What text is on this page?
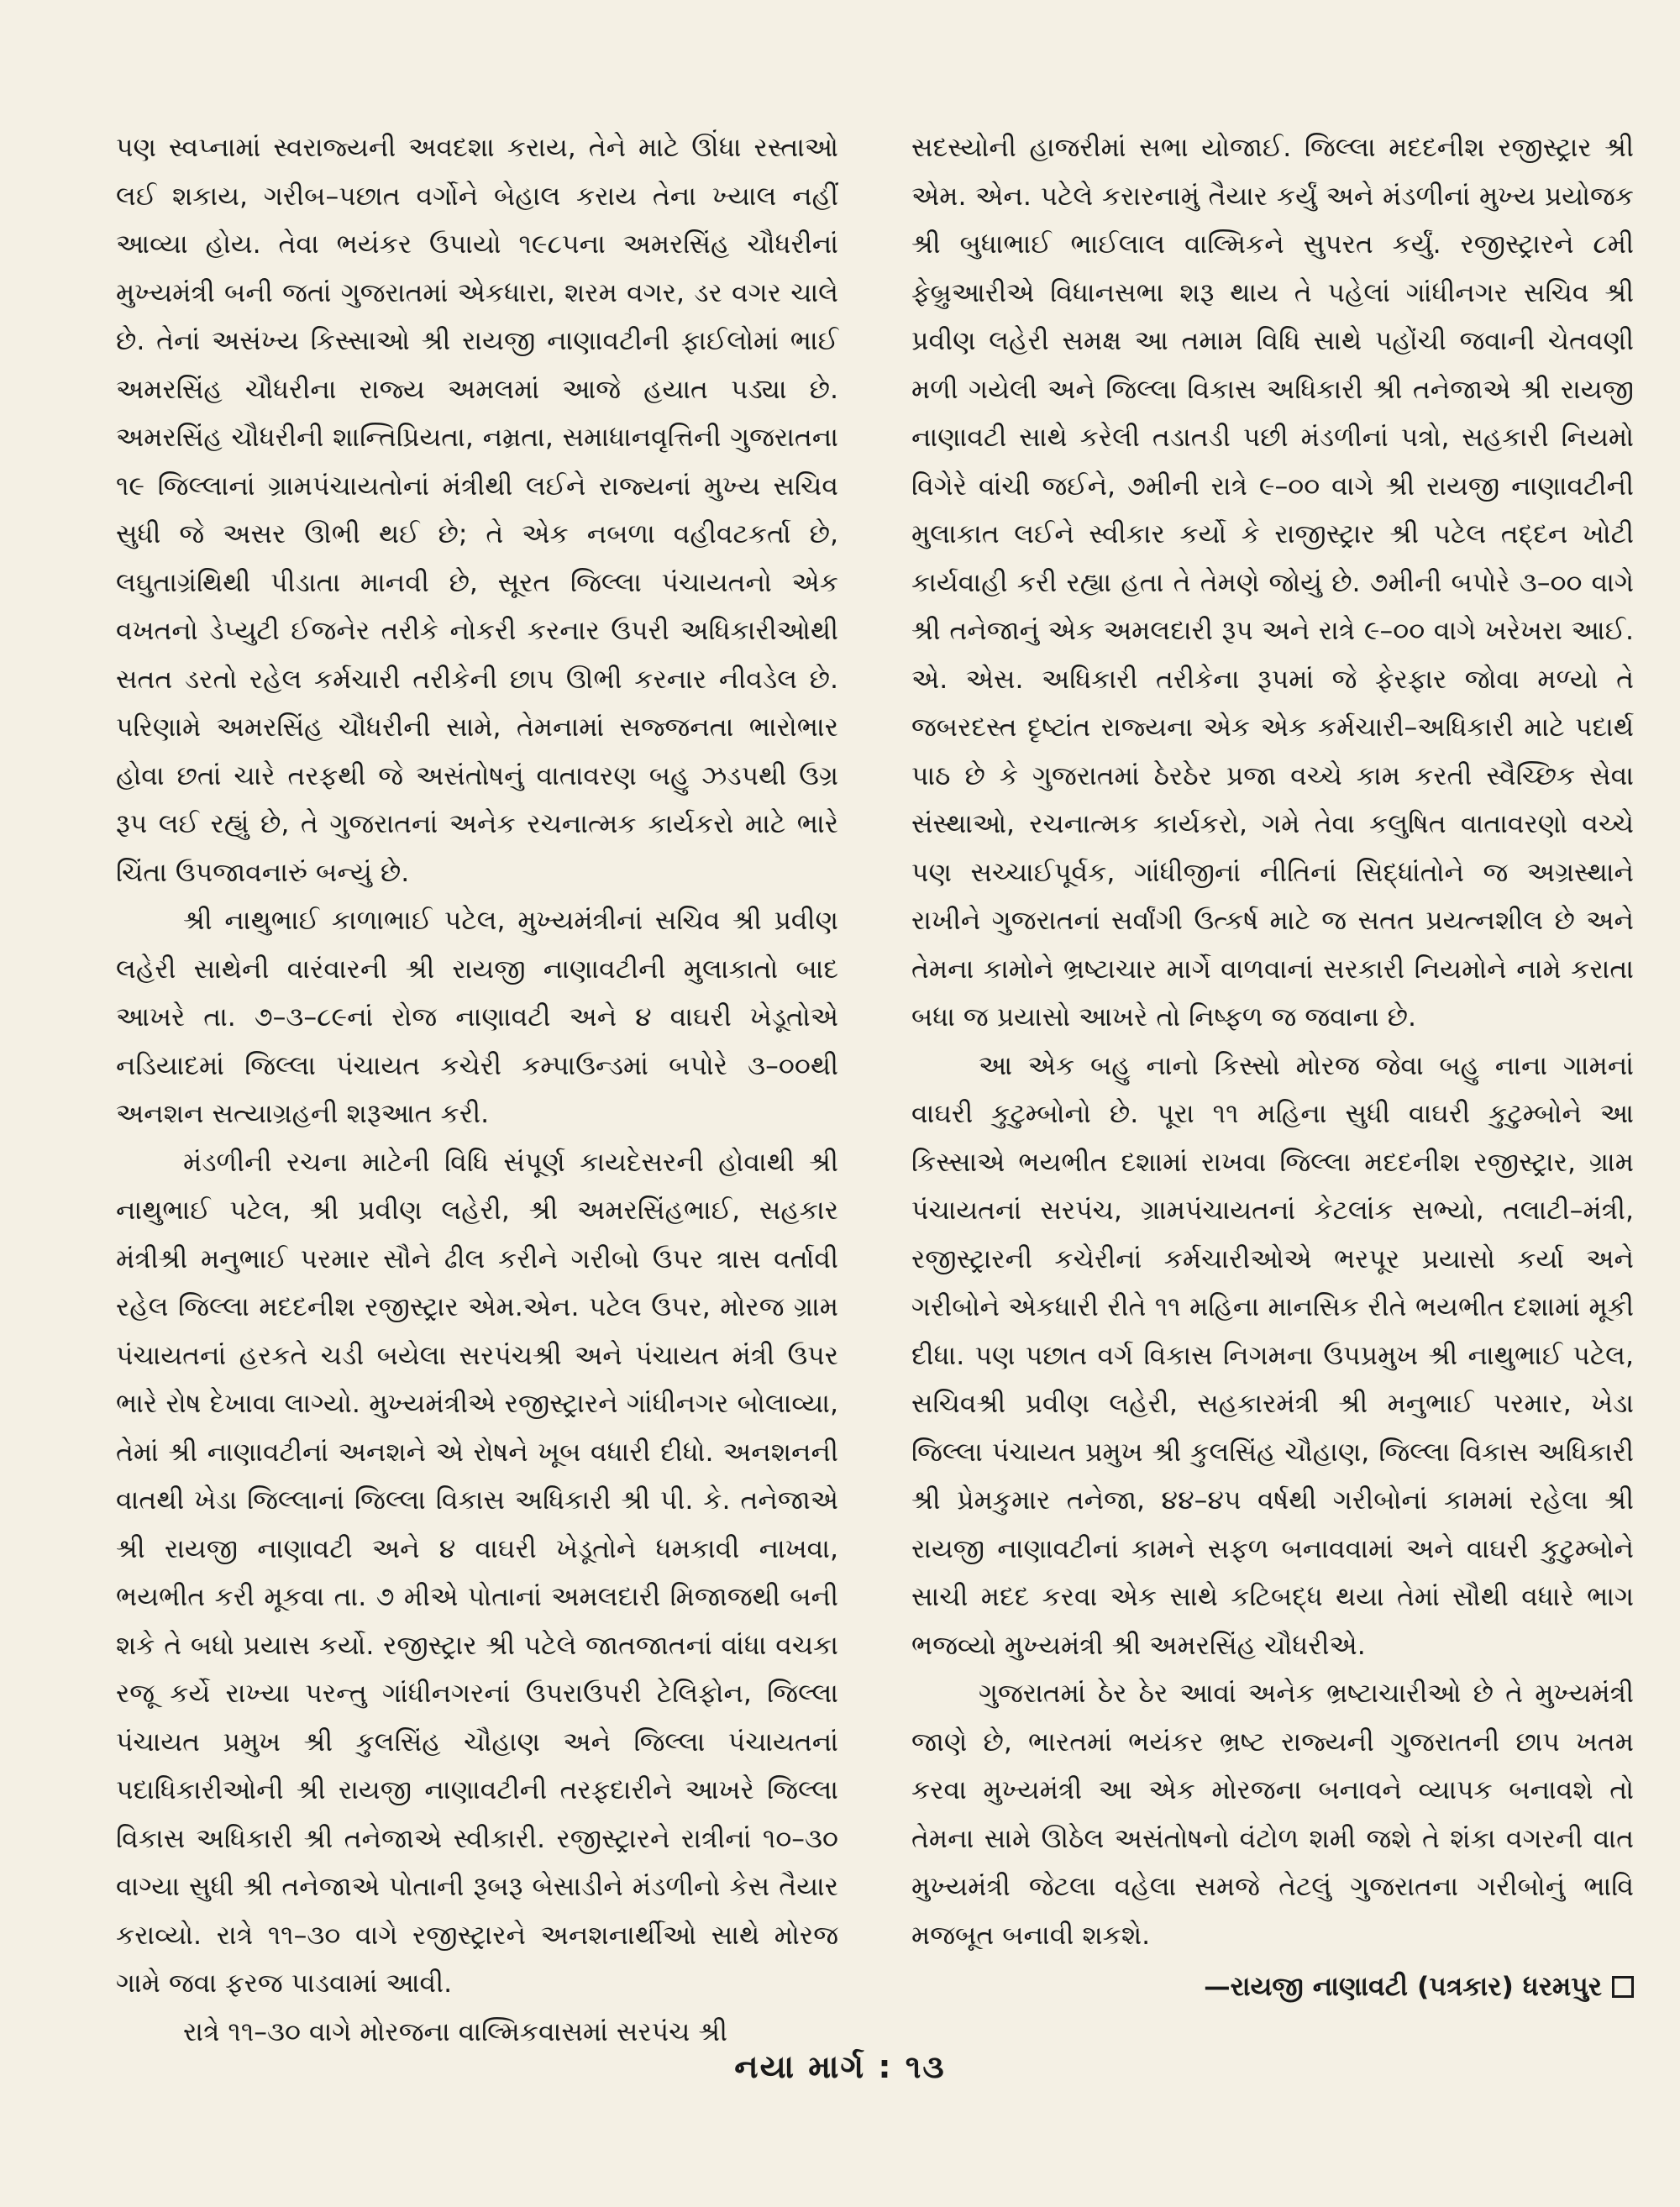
પણ સ્વપ્નામાં સ્વરાજ્યની અવદશા કરાય, તેને માટે ઊંધા રસ્તાઓ લઈ શકાય, ગરીબ–પછાત વર્ગોને બેહાલ કરાય તેના ખ્યાલ નહીં આવ્યા હોય. તેવા ભયંકર ઉપાયો ૧૯૮૫ના અમરસિંહ ચૌધરીનાં મુખ્યમંત્રી બની જતાં ગુજરાતમાં એકધારા, શરમ વગર, ડર વગર ચાલે છે. તેનાં અસંખ્ય કિસ્સાઓ શ્રી રાયજી નાણાવટીની ફાઈલોમાં ભાઈ અમરસિંહ ચૌધરીના રાજ્ય અમલમાં આજે હયાત પડ્યા છે. અમરસિંહ ચૌધરીની શાન્તિપ્રિયતા, નમ્રતા, સમાધાનવૃત્તિની ગુજરાતના ૧૯ જિલ્લાનાં ગ્રામપંચાયતોનાં મંત્રીથી લઈને રાજ્યનાં મુખ્ય સચિવ સુધી જે અસર ઊભી થઈ છે; તે એક નબળા વહીવટકર્તા છે, લઘુતાગ્રંથિથી પીડાતા માનવી છે, સૂરત જિલ્લા પંચાયતનો એક વખતનો ડેપ્યુટી ઈજનેર તરીકે નોકરી કરનાર ઉપરી અધિકારીઓથી સતત ડરતો રહેલ કર્મચારી તરીકેની છાપ ઊભી કરનાર નીવડેલ છે. પરિણામે અમરસિંહ ચૌધરીની સામે, તેમનામાં સજ્જનતા ભારોભાર હોવા છતાં ચારે તરફથી જે અસંતોષનું વાતાવરણ બહુ ઝડપથી ઉગ્ર રૂપ લઈ રહ્યું છે, તે ગુજરાતનાં અનેક રચનાત્મક કાર્યકરો માટે ભારે ચિંતા ઉપજાવનારું બન્યું છે.

શ્રી નાથુભાઈ કાળાભાઈ પટેલ, મુખ્યમંત્રીનાં સચિવ શ્રી પ્રવીણ લહેરી સાથેની વારંવારની શ્રી રાયજી નાણાવટીની મુલાકાતો બાદ આખરે તા. ૭–૩–૮૯નાં રોજ નાણાવટી અને ૪ વાઘરી ખેડૂતોએ નડિયાદમાં જિલ્લા પંચાયત કચેરી કમ્પાઉન્ડમાં બપોરે ૩–૦૦થી અનશન સત્યાગ્રહની શરૂઆત કરી.

મંડળીની રચના માટેની વિધિ સંપૂર્ણ કાયદેસરની હોવાથી શ્રી નાથુભાઈ પટેલ, શ્રી પ્રવીણ લહેરી, શ્રી અમરસિંહભાઈ, સહકાર મંત્રીશ્રી મનુભાઈ પરમાર સૌને ઢીલ કરીને ગરીબો ઉપર ત્રાસ વર્તાવી રહેલ જિલ્લા મદદનીશ રજીસ્ટ્રાર એમ.એન. પટેલ ઉપર, મોરજ ગ્રામ પંચાયતનાં હરકતે ચડી બયેલા સરપંચશ્રી અને પંચાયત મંત્રી ઉપર ભારે રોષ દેખાવા લાગ્યો. મુખ્યમંત્રીએ રજીસ્ટ્રારને ગાંધીનગર બોલાવ્યા, તેમાં શ્રી નાણાવટીનાં અનશને એ રોષને ખૂબ વધારી દીધો. અનશનની વાતથી ખેડા જિલ્લાનાં જિલ્લા વિકાસ અધિકારી શ્રી પી. કે. તનેજાએ શ્રી રાયજી નાણાવટી અને ૪ વાઘરી ખેડૂતોને ધમકાવી નાખવા, ભયભીત કરી મૂકવા તા. ૭ મીએ પોતાનાં અમલદારી મિજાજથી બની શકે તે બધો પ્રયાસ કર્યો. રજીસ્ટ્રાર શ્રી પટેલે જાતજાતનાં વાંધા વચકા રજૂ કર્યે રાખ્યા પરન્તુ ગાંધીનગરનાં ઉપરાઉપરી ટેલિફોન, જિલ્લા પંચાયત પ્રમુખ શ્રી કુલસિંહ ચૌહાણ અને જિલ્લા પંચાયતનાં પદાધિકારીઓની શ્રી રાયજી નાણાવટીની તરફદારીને આખરે જિલ્લા વિકાસ અધિકારી શ્રી તનેજાએ સ્વીકારી. રજીસ્ટ્રારને રાત્રીનાં ૧૦–૩૦ વાગ્યા સુધી શ્રી તનેજાએ પોતાની રૂબરૂ બેસાડીને મંડળીનો કેસ તૈયાર કરાવ્યો. રાત્રે ૧૧–૩૦ વાગે રજીસ્ટ્રારને અનશનાર્થીઓ સાથે મોરજ ગામે જવા ફરજ પાડવામાં આવી.

રાત્રે ૧૧–૩૦ વાગે મોરજના વાલ્મિકવાસમાં સરપંચ શ્રી

સદસ્યોની હાજરીમાં સભા યોજાઈ. જિલ્લા મદદનીશ રજીસ્ટ્રાર શ્રી એમ. એન. પટેલે કરારનામું તૈયાર કર્યું અને મંડળીનાં મુખ્ય પ્રયોજક શ્રી બુધાભાઈ ભાઈલાલ વાલ્મિકને સુપરત કર્યું. રજીસ્ટ્રારને ૮મી ફેબ્રુઆરીએ વિધાનસભા શરૂ થાય તે પહેલાં ગાંધીનગર સચિવ શ્રી પ્રવીણ લહેરી સમક્ષ આ તમામ વિધિ સાથે પહોંચી જવાની ચેતવણી મળી ગયેલી અને જિલ્લા વિકાસ અધિકારી શ્રી તનેજાએ શ્રી રાયજી નાણાવટી સાથે કરેલી તડાતડી પછી મંડળીનાં પત્રો, સહકારી નિયમો વિગેરે વાંચી જઈને, ૭મીની રાત્રે ૯–૦૦ વાગે શ્રી રાયજી નાણાવટીની મુલાકાત લઈને સ્વીકાર કર્યો કે રાજીસ્ટ્રાર શ્રી પટેલ તદ્દન ખોટી કાર્યવાહી કરી રહ્યા હતા તે તેમણે જોયું છે. ૭મીની બપોરે ૩–૦૦ વાગે શ્રી તનેજાનું એક અમલદારી રૂપ અને રાત્રે ૯–૦૦ વાગે ખરેખરા આઈ. એ. એસ. અધિકારી તરીકેના રૂપમાં જે ફેરફાર જોવા મળ્યો તે જબરદસ્ત દૃષ્ટાંત રાજ્યના એક એક કર્મચારી–અધિકારી માટે પદાર્થ પાઠ છે કે ગુજરાતમાં ઠેરઠેર પ્રજા વચ્ચે કામ કરતી સ્વૈચ્છિક સેવા સંસ્થાઓ, રચનાત્મક કાર્યકરો, ગમે તેવા કલુષિત વાતાવરણો વચ્ચે પણ સચ્ચાઈપૂર્વક, ગાંધીજીનાં નીતિનાં સિદ્ધાંતોને જ અગ્રસ્થાને રાખીને ગુજરાતનાં સર્વાંગી ઉત્કર્ષ માટે જ સતત પ્રયત્નશીલ છે અને તેમના કામોને ભ્રષ્ટાચાર માર્ગે વાળવાનાં સરકારી નિયમોને નામે કરાતા બધા જ પ્રયાસો આખરે તો નિષ્ફળ જ જવાના છે.

આ એક બહુ નાનો કિસ્સો મોરજ જેવા બહુ નાના ગામનાં વાઘરી કુટુમ્બોનો છે. પૂરા ૧૧ મહિના સુધી વાઘરી કુટુમ્બોને આ કિસ્સાએ ભયભીત દશામાં રાખવા જિલ્લા મદદનીશ રજીસ્ટ્રાર, ગ્રામ પંચાયતનાં સરપંચ, ગ્રામપંચાયતનાં કેટલાંક સભ્યો, તલાટી–મંત્રી, રજીસ્ટ્રારની કચેરીનાં કર્મચારીઓએ ભરપૂર પ્રયાસો કર્યા અને ગરીબોને એકધારી રીતે ૧૧ મહિના માનસિક રીતે ભયભીત દશામાં મૂકી દીધા. પણ પછાત વર્ગ વિકાસ નિગમના ઉપપ્રમુખ શ્રી નાથુભાઈ પટેલ, સચિવશ્રી પ્રવીણ લહેરી, સહકારમંત્રી શ્રી મનુભાઈ પરમાર, ખેડા જિલ્લા પંચાયત પ્રમુખ શ્રી કુલસિંહ ચૌહાણ, જિલ્લા વિકાસ અધિકારી શ્રી પ્રેમકુમાર તનેજા, ૪૪–૪૫ વર્ષથી ગરીબોનાં કામમાં રહેલા શ્રી રાયજી નાણાવટીનાં કામને સફળ બનાવવામાં અને વાઘરી કુટુમ્બોને સાચી મદદ કરવા એક સાથે કટિબદ્ધ થયા તેમાં સૌથી વધારે ભાગ ભજવ્યો મુખ્યમંત્રી શ્રી અમરસિંહ ચૌધરીએ.

ગુજરાતમાં ઠેર ઠેર આવાં અનેક ભ્રષ્ટાચારીઓ છે તે મુખ્યમંત્રી જાણે છે, ભારતમાં ભયંકર ભ્રષ્ટ રાજ્યની ગુજરાતની છાપ ખતમ કરવા મુખ્યમંત્રી આ એક મોરજના બનાવને વ્યાપક બનાવશે તો તેમના સામે ઊઠેલ અસંતોષનો વંટોળ શમી જશે તે શંકા વગરની વાત મુખ્યમંત્રી જેટલા વહેલા સમજે તેટલું ગુજરાતના ગરીબોનું ભાવિ મજબૂત બનાવી શકશે.

—રાયજી નાણાવટી (પત્રકાર) ધરમપુર

નયા માર્ગ : ૧૩
